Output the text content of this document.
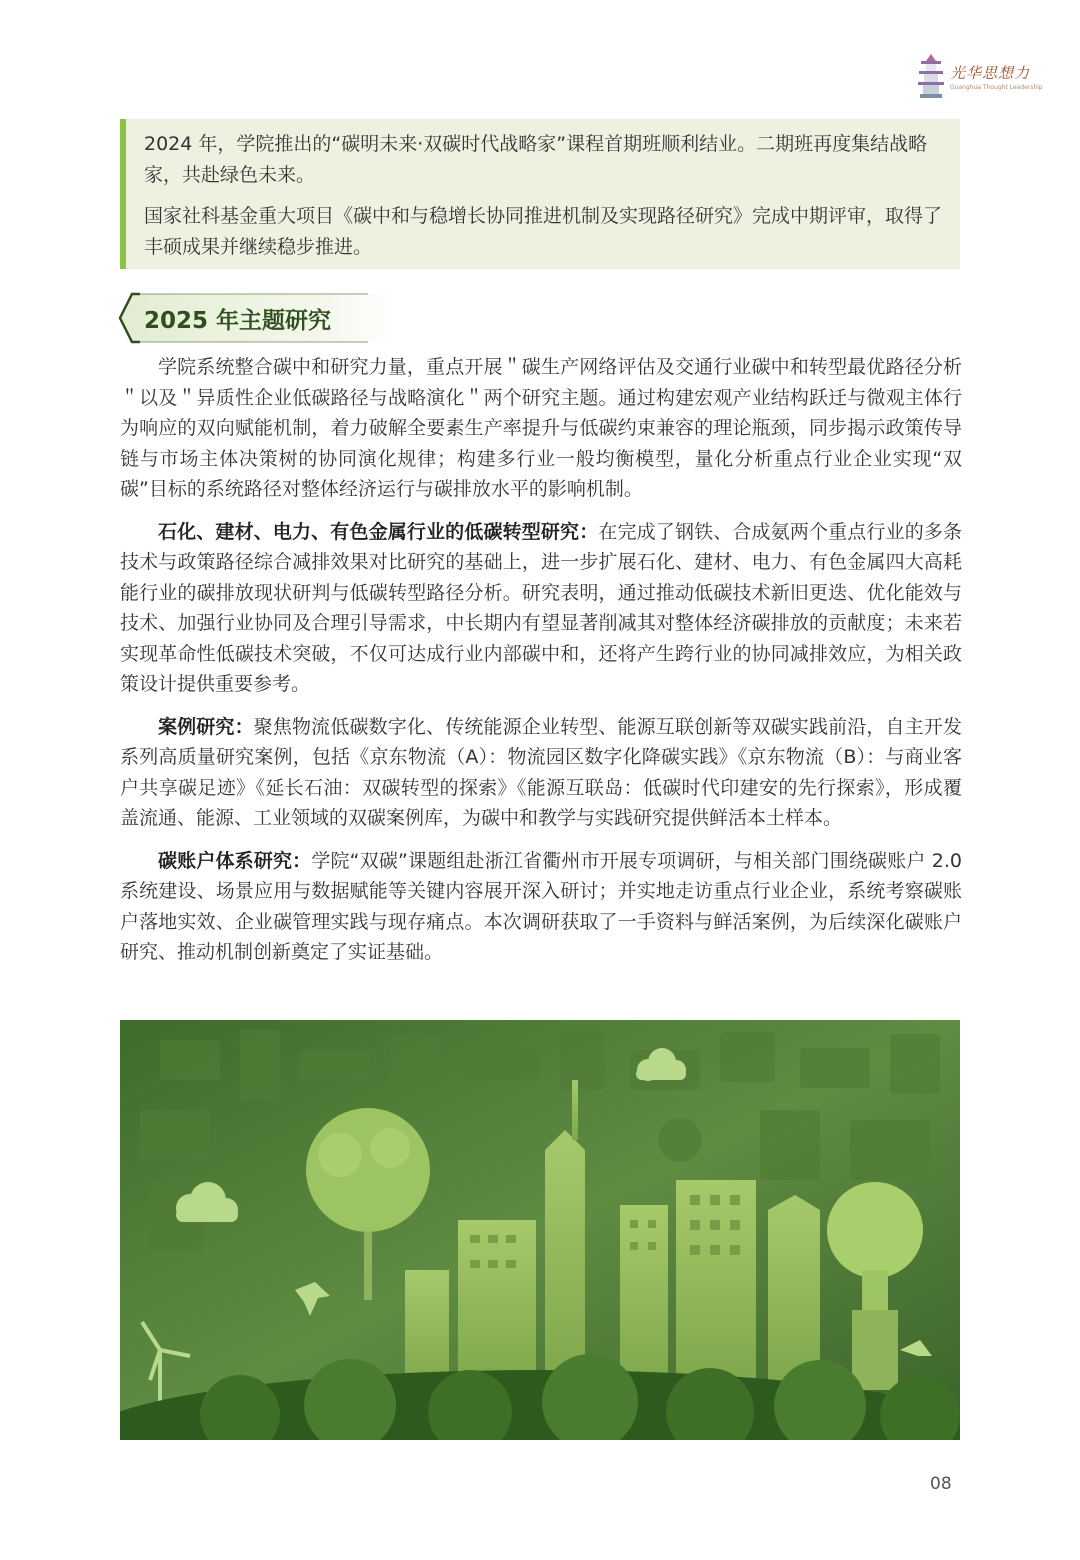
光华思想力
Guanghua Thought Leadership

2024 年，学院推出的“碳明未来·双碳时代战略家”课程首期班顺利结业。二期班再度集结战略家，共赴绿色未来。

国家社科基金重大项目《碳中和与稳增长协同推进机制及实现路径研究》完成中期评审，取得了丰硕成果并继续稳步推进。

2025 年主题研究

学院系统整合碳中和研究力量，重点开展＂碳生产网络评估及交通行业碳中和转型最优路径分析＂以及＂异质性企业低碳路径与战略演化＂两个研究主题。通过构建宏观产业结构跃迁与微观主体行为响应的双向赋能机制，着力破解全要素生产率提升与低碳约束兼容的理论瓶颈，同步揭示政策传导链与市场主体决策树的协同演化规律；构建多行业一般均衡模型，量化分析重点行业企业实现“双碳”目标的系统路径对整体经济运行与碳排放水平的影响机制。

石化、建材、电力、有色金属行业的低碳转型研究：在完成了钢铁、合成氨两个重点行业的多条技术与政策路径综合减排效果对比研究的基础上，进一步扩展石化、建材、电力、有色金属四大高耗能行业的碳排放现状研判与低碳转型路径分析。研究表明，通过推动低碳技术新旧更迭、优化能效与技术、加强行业协同及合理引导需求，中长期内有望显著削减其对整体经济碳排放的贡献度；未来若实现革命性低碳技术突破，不仅可达成行业内部碳中和，还将产生跨行业的协同减排效应，为相关政策设计提供重要参考。

案例研究：聚焦物流低碳数字化、传统能源企业转型、能源互联创新等双碳实践前沿，自主开发系列高质量研究案例，包括《京东物流（A）：物流园区数字化降碳实践》《京东物流（B）：与商业客户共享碳足迹》《延长石油：双碳转型的探索》《能源互联岛：低碳时代印建安的先行探索》，形成覆盖流通、能源、工业领域的双碳案例库，为碳中和教学与实践研究提供鲜活本土样本。

碳账户体系研究：学院“双碳”课题组赴浙江省衢州市开展专项调研，与相关部门围绕碳账户 2.0 系统建设、场景应用与数据赋能等关键内容展开深入研讨；并实地走访重点行业企业，系统考察碳账户落地实效、企业碳管理实践与现存痛点。本次调研获取了一手资料与鲜活案例，为后续深化碳账户研究、推动机制创新奠定了实证基础。

08
